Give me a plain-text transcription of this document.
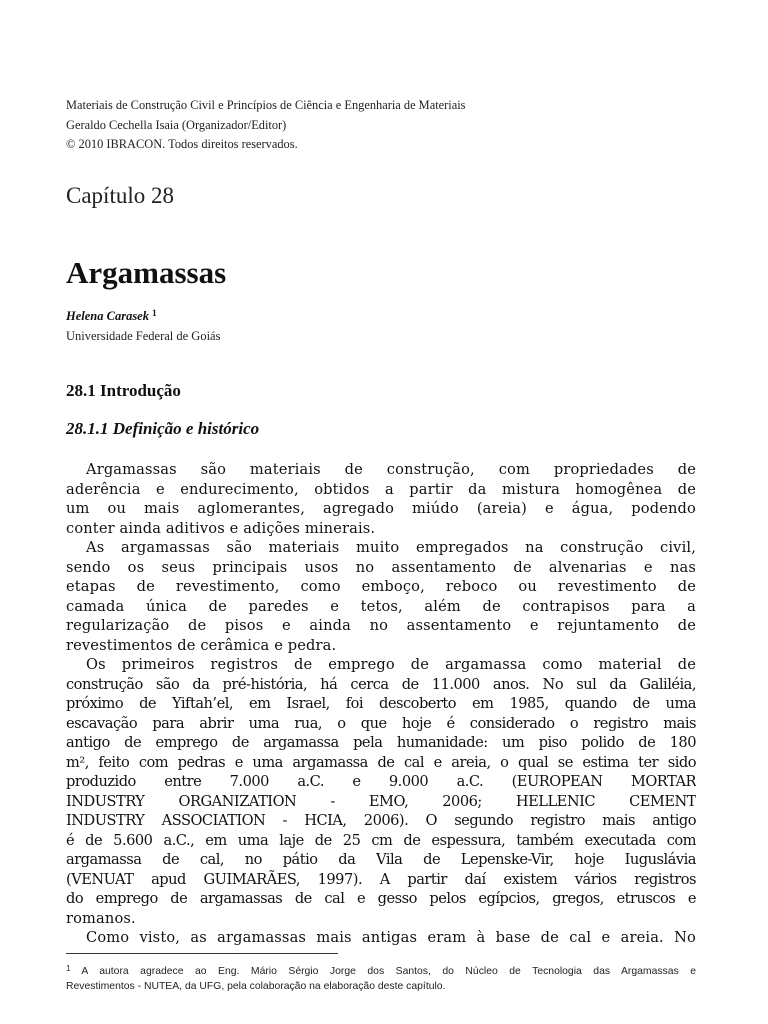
Materiais de Construção Civil e Princípios de Ciência e Engenharia de Materiais
Geraldo Cechella Isaia (Organizador/Editor)
© 2010 IBRACON. Todos direitos reservados.
Capítulo 28
Argamassas
Helena Carasek $^1$
Universidade Federal de Goiás
28.1 Introdução
28.1.1 Definição e histórico
Argamassas são materiais de construção, com propriedades de
aderência e endurecimento, obtidos a partir da mistura homogênea de
um ou mais aglomerantes, agregado miúdo (areia) e água, podendo
conter ainda aditivos e adições minerais.
As argamassas são materiais muito empregados na construção civil,
sendo os seus principais usos no assentamento de alvenarias e nas
etapas de revestimento, como emboço, reboco ou revestimento de
camada única de paredes e tetos, além de contrapisos para a
regularização de pisos e ainda no assentamento e rejuntamento de
revestimentos de cerâmica e pedra.
Os primeiros registros de emprego de argamassa como material de
construção são da pré-história, há cerca de 11.000 anos. No sul da Galiléia,
próximo de Yiftah’el, em Israel, foi descoberto em 1985, quando de uma
escavação para abrir uma rua, o que hoje é considerado o registro mais
antigo de emprego de argamassa pela humanidade: um piso polido de 180
m², feito com pedras e uma argamassa de cal e areia, o qual se estima ter sido
produzido entre 7.000 a.C. e 9.000 a.C. (EUROPEAN MORTAR
INDUSTRY ORGANIZATION - EMO, 2006; HELLENIC CEMENT
INDUSTRY ASSOCIATION - HCIA, 2006). O segundo registro mais antigo
é de 5.600 a.C., em uma laje de 25 cm de espessura, também executada com
argamassa de cal, no pátio da Vila de Lepenske-Vir, hoje Iuguslávia
(VENUAT apud GUIMARÃES, 1997). A partir daí existem vários registros
do emprego de argamassas de cal e gesso pelos egípcios, gregos, etruscos e
romanos.
Como visto, as argamassas mais antigas eram à base de cal e areia. No
$^1$ A autora agradece ao Eng. Mário Sérgio Jorge dos Santos, do Núcleo de Tecnologia das Argamassas e
Revestimentos - NUTEA, da UFG, pela colaboração na elaboração deste capítulo.
